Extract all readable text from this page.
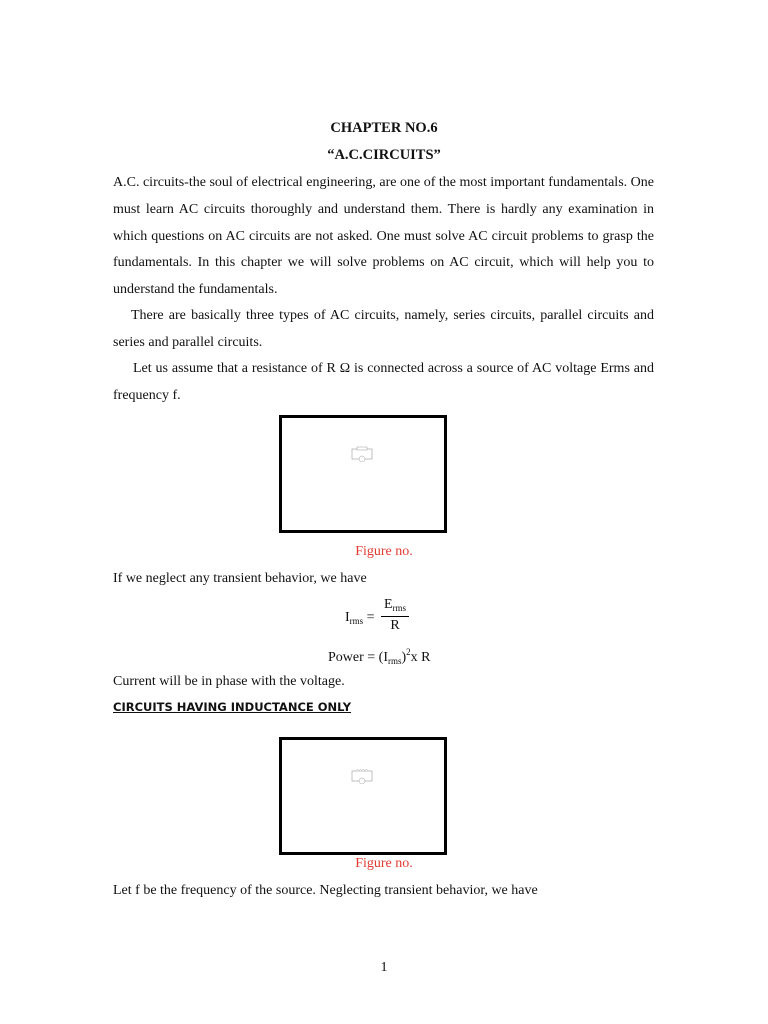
CHAPTER NO.6
“A.C.CIRCUITS”

A.C. circuits-the soul of electrical engineering, are one of the most important fundamentals. One must learn AC circuits thoroughly and understand them. There is hardly any examination in which questions on AC circuits are not asked. One must solve AC circuit problems to grasp the fundamentals. In this chapter we will solve problems on AC circuit, which will help you to understand the fundamentals.

There are basically three types of AC circuits, namely, series circuits, parallel circuits and series and parallel circuits.

Let us assume that a resistance of R Ω is connected across a source of AC voltage Erms and frequency f.

Figure no.
If we neglect any transient behavior, we have
$I_{rms}$ =
$E_{rms}$
R
Power = $(I_{rms})^2x$ R
Current will be in phase with the voltage.
CIRCUITS HAVING INDUCTANCE ONLY
Figure no.
Let f be the frequency of the source. Neglecting transient behavior, we have
1
